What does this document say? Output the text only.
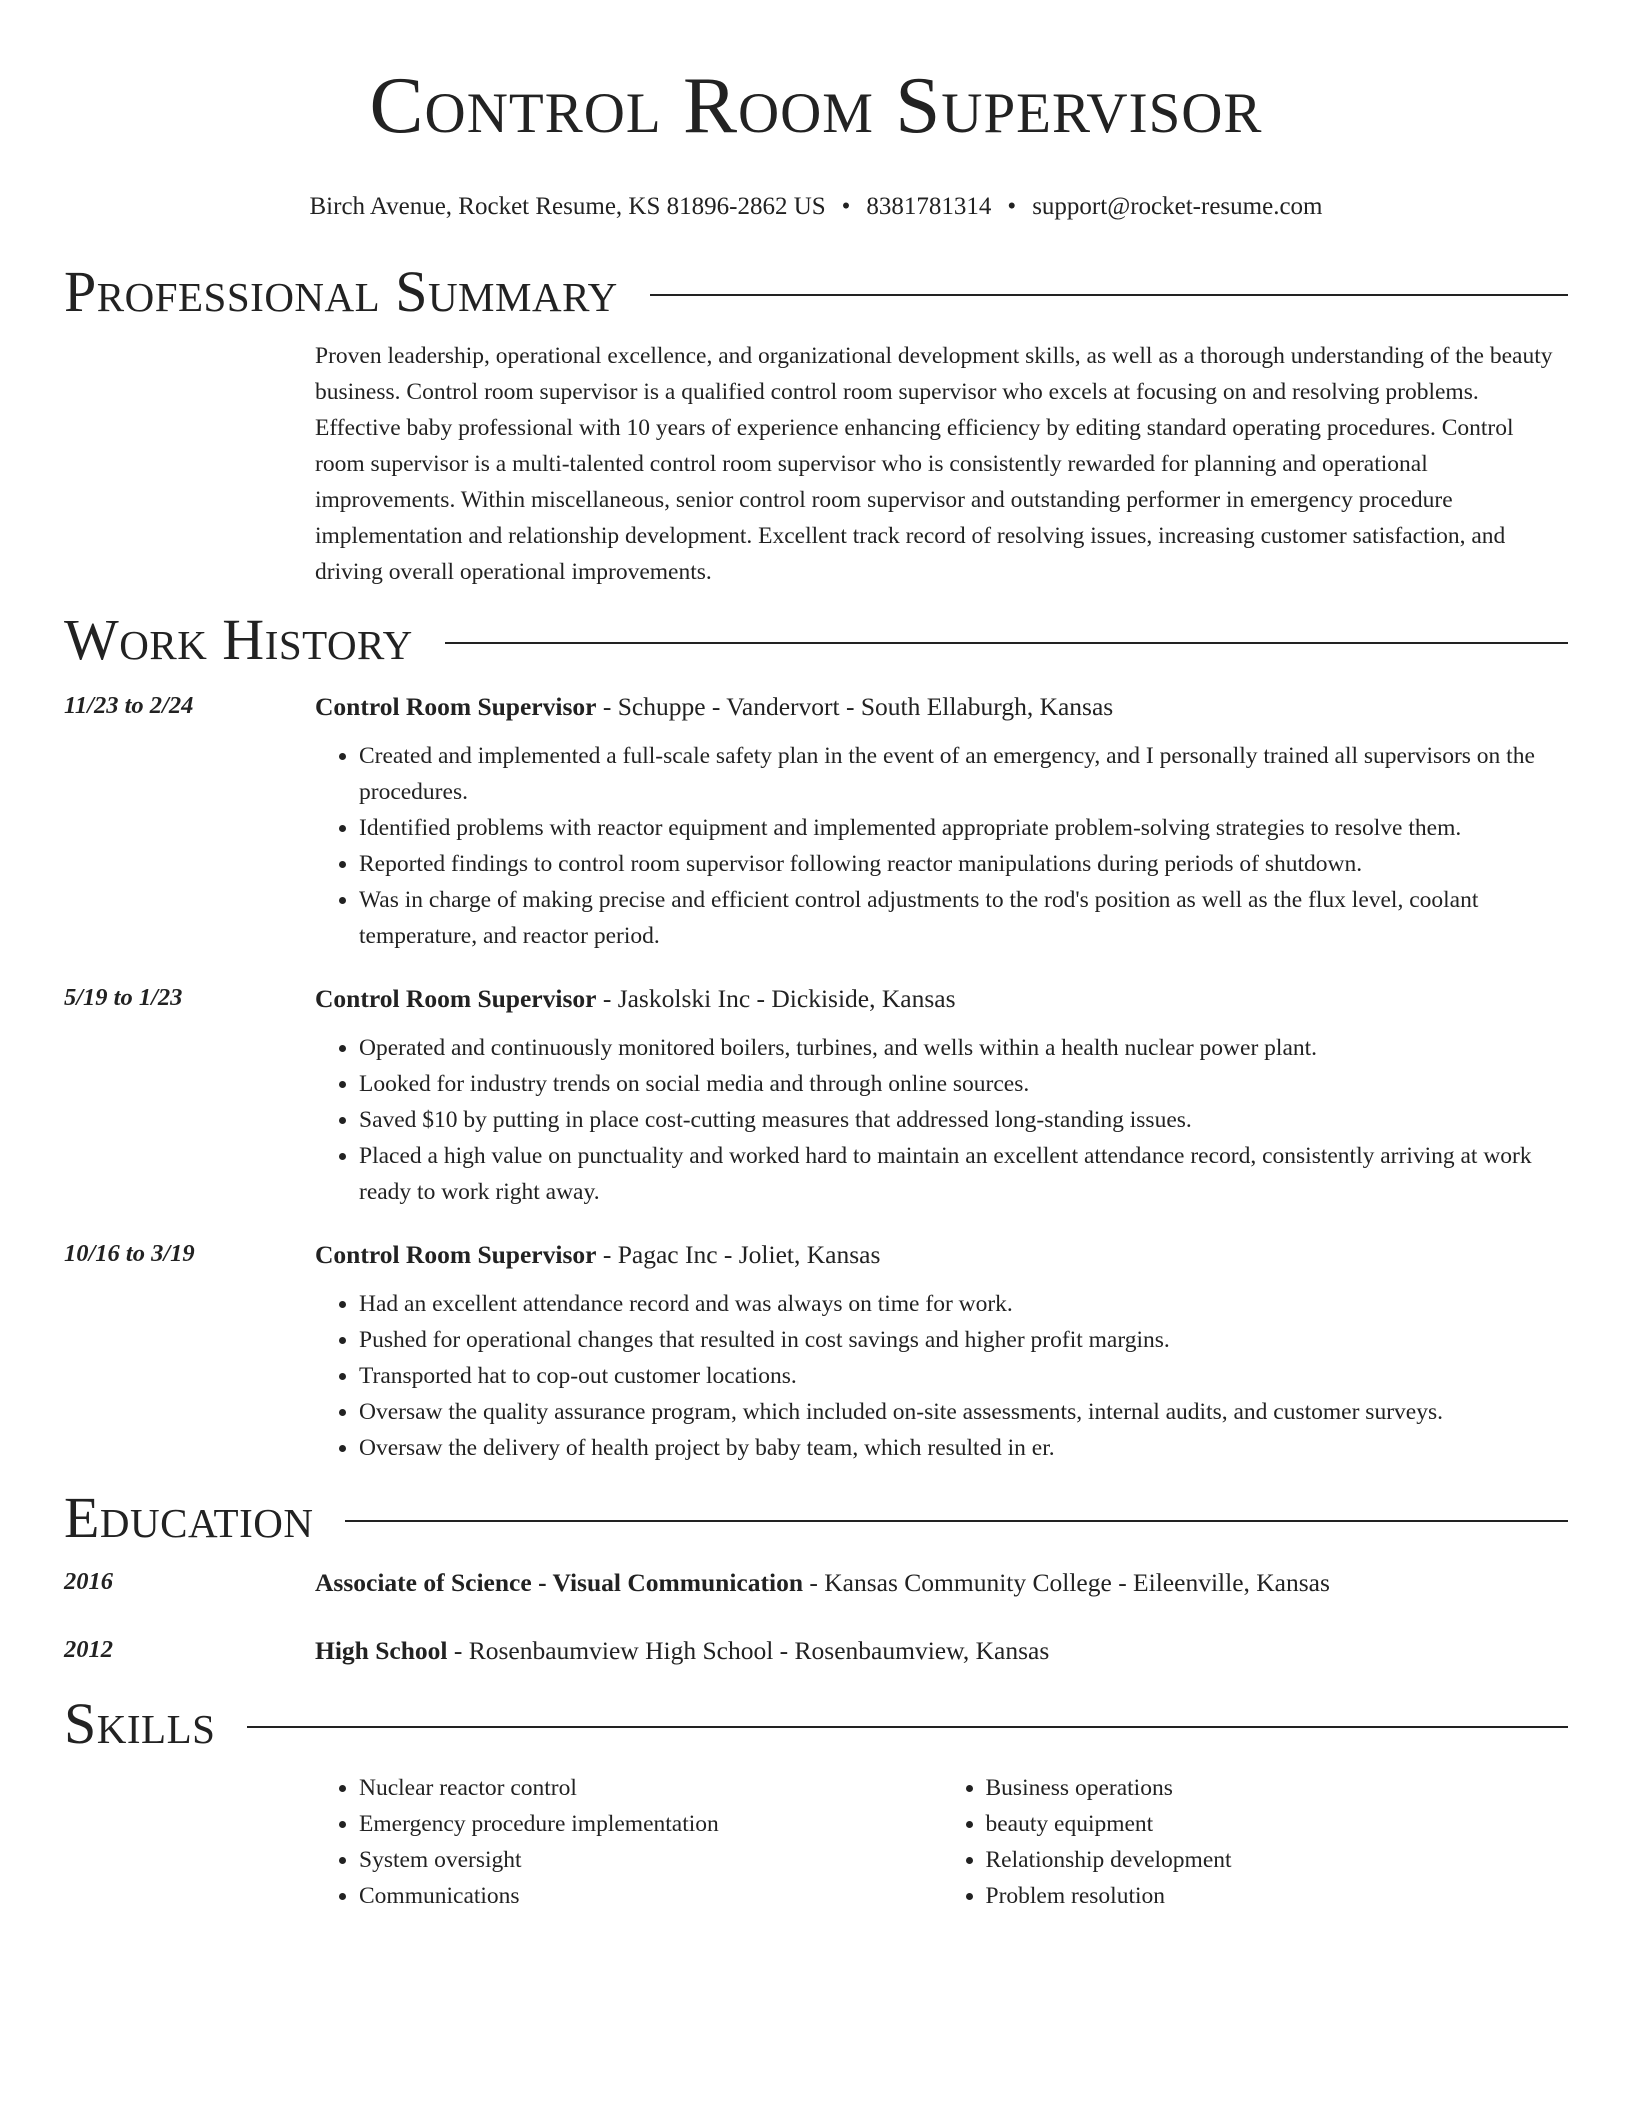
Control Room Supervisor
Birch Avenue, Rocket Resume, KS 81896-2862 US • 8381781314 • support@rocket-resume.com
Professional Summary
Proven leadership, operational excellence, and organizational development skills, as well as a thorough understanding of the beauty business. Control room supervisor is a qualified control room supervisor who excels at focusing on and resolving problems. Effective baby professional with 10 years of experience enhancing efficiency by editing standard operating procedures. Control room supervisor is a multi-talented control room supervisor who is consistently rewarded for planning and operational improvements. Within miscellaneous, senior control room supervisor and outstanding performer in emergency procedure implementation and relationship development. Excellent track record of resolving issues, increasing customer satisfaction, and driving overall operational improvements.
Work History
11/23 to 2/24	Control Room Supervisor - Schuppe - Vandervort - South Ellaburgh, Kansas
• Created and implemented a full-scale safety plan in the event of an emergency, and I personally trained all supervisors on the procedures.
• Identified problems with reactor equipment and implemented appropriate problem-solving strategies to resolve them.
• Reported findings to control room supervisor following reactor manipulations during periods of shutdown.
• Was in charge of making precise and efficient control adjustments to the rod's position as well as the flux level, coolant temperature, and reactor period.
5/19 to 1/23	Control Room Supervisor - Jaskolski Inc - Dickiside, Kansas
• Operated and continuously monitored boilers, turbines, and wells within a health nuclear power plant.
• Looked for industry trends on social media and through online sources.
• Saved $10 by putting in place cost-cutting measures that addressed long-standing issues.
• Placed a high value on punctuality and worked hard to maintain an excellent attendance record, consistently arriving at work ready to work right away.
10/16 to 3/19	Control Room Supervisor - Pagac Inc - Joliet, Kansas
• Had an excellent attendance record and was always on time for work.
• Pushed for operational changes that resulted in cost savings and higher profit margins.
• Transported hat to cop-out customer locations.
• Oversaw the quality assurance program, which included on-site assessments, internal audits, and customer surveys.
• Oversaw the delivery of health project by baby team, which resulted in er.
Education
2016	Associate of Science - Visual Communication - Kansas Community College - Eileenville, Kansas
2012	High School - Rosenbaumview High School - Rosenbaumview, Kansas
Skills
• Nuclear reactor control
• Emergency procedure implementation
• System oversight
• Communications
• Business operations
• beauty equipment
• Relationship development
• Problem resolution
